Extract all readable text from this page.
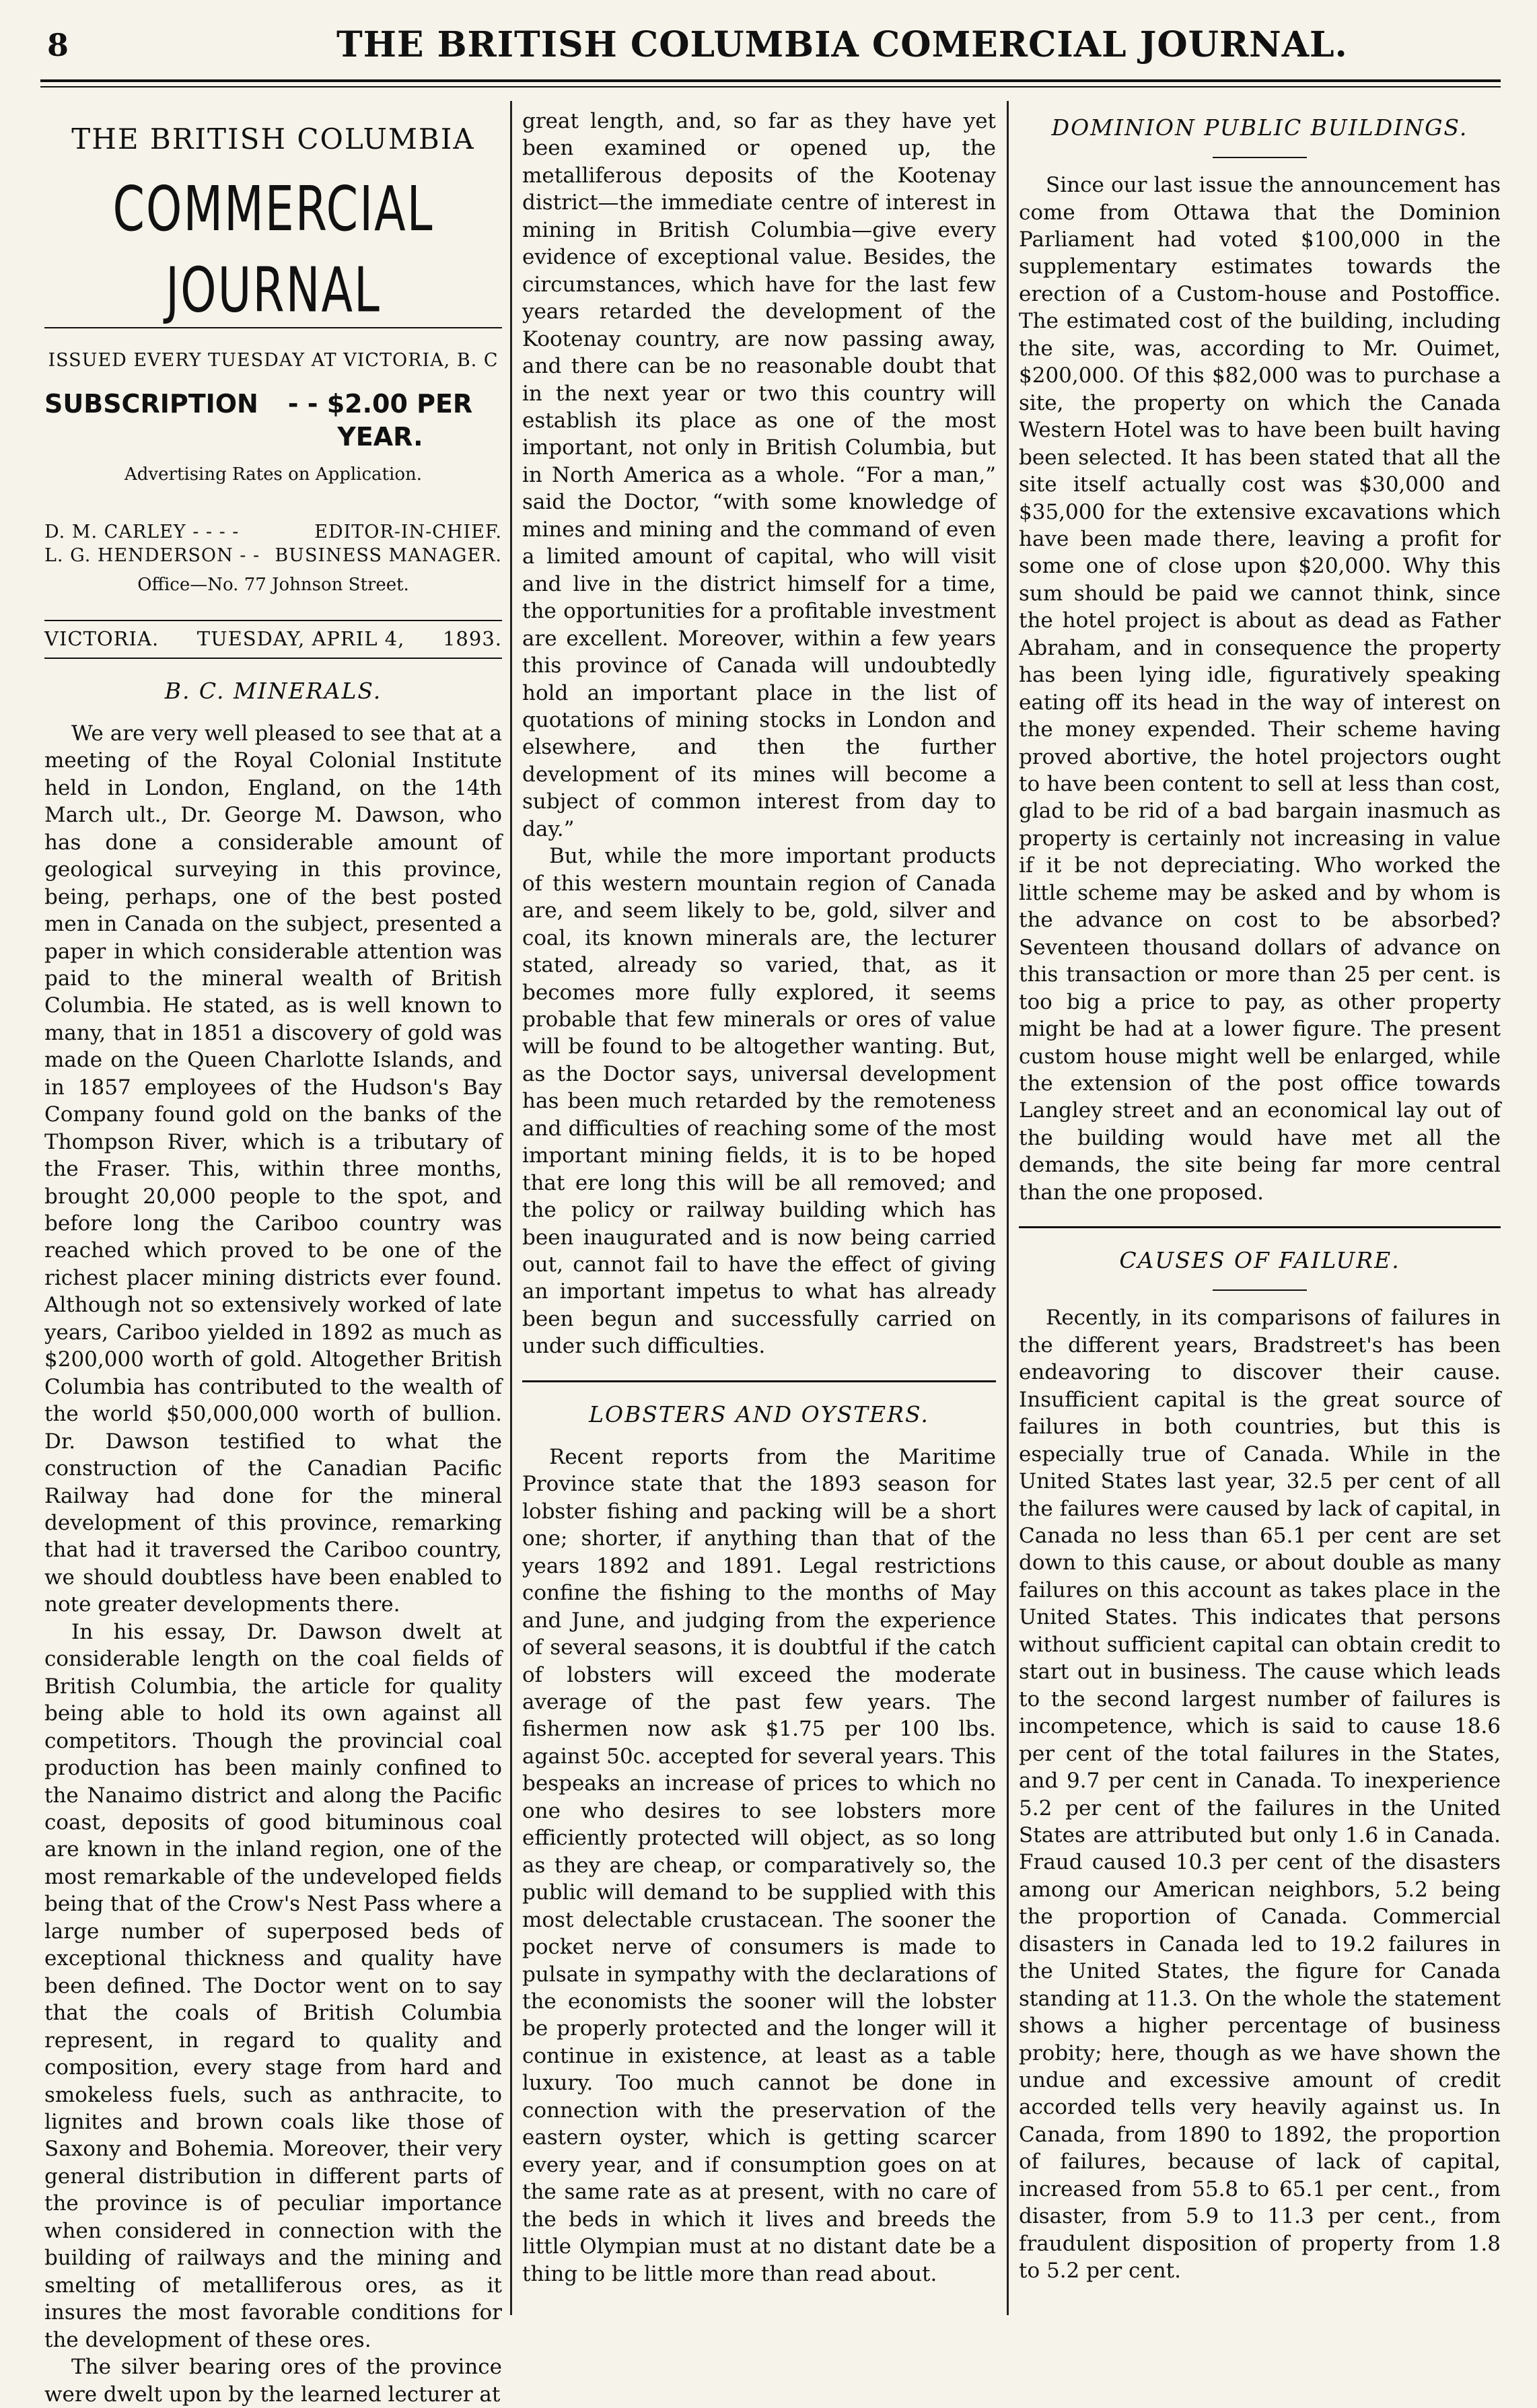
8	THE BRITISH COLUMBIA COMERCIAL JOURNAL.
THE BRITISH COLUMBIA
COMMERCIAL JOURNAL
ISSUED EVERY TUESDAY AT VICTORIA, B. C
SUBSCRIPTION	- - $2.00 PER YEAR.
Advertising Rates on Application.
D. M. CARLEY - - - -	EDITOR-IN-CHIEF.
L. G. HENDERSON - - BUSINESS MANAGER.
Office—No. 77 Johnson Street.
VICTORIA. TUESDAY, APRIL 4, 1893.
B. C. MINERALS.

We are very well pleased to see that at a meeting of the Royal Colonial Institute held in London, England, on the 14th March ult., Dr. George M. Dawson, who has done a considerable amount of geological surveying in this province, being, perhaps, one of the best posted men in Canada on the subject, presented a paper in which considerable attention was paid to the mineral wealth of British Columbia. He stated, as is well known to many, that in 1851 a discovery of gold was made on the Queen Charlotte Islands, and in 1857 employees of the Hudson's Bay Company found gold on the banks of the Thompson River, which is a tributary of the Fraser. This, within three months, brought 20,000 people to the spot, and before long the Cariboo country was reached which proved to be one of the richest placer mining districts ever found. Although not so extensively worked of late years, Cariboo yielded in 1892 as much as $200,000 worth of gold. Altogether British Columbia has contributed to the wealth of the world $50,000,000 worth of bullion. Dr. Dawson testified to what the construction of the Canadian Pacific Railway had done for the mineral development of this province, remarking that had it traversed the Cariboo country, we should doubtless have been enabled to note greater developments there.

In his essay, Dr. Dawson dwelt at considerable length on the coal fields of British Columbia, the article for quality being able to hold its own against all competitors. Though the provincial coal production has been mainly confined to the Nanaimo district and along the Pacific coast, deposits of good bituminous coal are known in the inland region, one of the most remarkable of the undeveloped fields being that of the Crow's Nest Pass where a large number of superposed beds of exceptional thickness and quality have been defined. The Doctor went on to say that the coals of British Columbia represent, in regard to quality and composition, every stage from hard and smokeless fuels, such as anthracite, to lignites and brown coals like those of Saxony and Bohemia. Moreover, their very general distribution in different parts of the province is of peculiar importance when considered in connection with the building of railways and the mining and smelting of metalliferous ores, as it insures the most favorable conditions for the development of these ores.

The silver bearing ores of the province were dwelt upon by the learned lecturer at

great length, and, so far as they have yet been examined or opened up, the metalliferous deposits of the Kootenay district—the immediate centre of interest in mining in British Columbia—give every evidence of exceptional value. Besides, the circumstances, which have for the last few years retarded the development of the Kootenay country, are now passing away, and there can be no reasonable doubt that in the next year or two this country will establish its place as one of the most important, not only in British Columbia, but in North America as a whole. “For a man,” said the Doctor, “with some knowledge of mines and mining and the command of even a limited amount of capital, who will visit and live in the district himself for a time, the opportunities for a profitable investment are excellent. Moreover, within a few years this province of Canada will undoubtedly hold an important place in the list of quotations of mining stocks in London and elsewhere, and then the further development of its mines will become a subject of common interest from day to day.”

But, while the more important products of this western mountain region of Canada are, and seem likely to be, gold, silver and coal, its known minerals are, the lecturer stated, already so varied, that, as it becomes more fully explored, it seems probable that few minerals or ores of value will be found to be altogether wanting. But, as the Doctor says, universal development has been much retarded by the remoteness and difficulties of reaching some of the most important mining fields, it is to be hoped that ere long this will be all removed; and the policy or railway building which has been inaugurated and is now being carried out, cannot fail to have the effect of giving an important impetus to what has already been begun and successfully carried on under such difficulties.

LOBSTERS AND OYSTERS.

Recent reports from the Maritime Province state that the 1893 season for lobster fishing and packing will be a short one; shorter, if anything than that of the years 1892 and 1891. Legal restrictions confine the fishing to the months of May and June, and judging from the experience of several seasons, it is doubtful if the catch of lobsters will exceed the moderate average of the past few years. The fishermen now ask $1.75 per 100 lbs. against 50c. accepted for several years. This bespeaks an increase of prices to which no one who desires to see lobsters more efficiently protected will object, as so long as they are cheap, or comparatively so, the public will demand to be supplied with this most delectable crustacean. The sooner the pocket nerve of consumers is made to pulsate in sympathy with the declarations of the economists the sooner will the lobster be properly protected and the longer will it continue in existence, at least as a table luxury. Too much cannot be done in connection with the preservation of the eastern oyster, which is getting scarcer every year, and if consumption goes on at the same rate as at present, with no care of the beds in which it lives and breeds the little Olympian must at no distant date be a thing to be little more than read about.

DOMINION PUBLIC BUILDINGS.

Since our last issue the announcement has come from Ottawa that the Dominion Parliament had voted $100,000 in the supplementary estimates towards the erection of a Custom-house and Postoffice. The estimated cost of the building, including the site, was, according to Mr. Ouimet, $200,000. Of this $82,000 was to purchase a site, the property on which the Canada Western Hotel was to have been built having been selected. It has been stated that all the site itself actually cost was $30,000 and $35,000 for the extensive excavations which have been made there, leaving a profit for some one of close upon $20,000. Why this sum should be paid we cannot think, since the hotel project is about as dead as Father Abraham, and in consequence the property has been lying idle, figuratively speaking eating off its head in the way of interest on the money expended. Their scheme having proved abortive, the hotel projectors ought to have been content to sell at less than cost, glad to be rid of a bad bargain inasmuch as property is certainly not increasing in value if it be not depreciating. Who worked the little scheme may be asked and by whom is the advance on cost to be absorbed? Seventeen thousand dollars of advance on this transaction or more than 25 per cent. is too big a price to pay, as other property might be had at a lower figure. The present custom house might well be enlarged, while the extension of the post office towards Langley street and an economical lay out of the building would have met all the demands, the site being far more central than the one proposed.

CAUSES OF FAILURE.

Recently, in its comparisons of failures in the different years, Bradstreet's has been endeavoring to discover their cause. Insufficient capital is the great source of failures in both countries, but this is especially true of Canada. While in the United States last year, 32.5 per cent of all the failures were caused by lack of capital, in Canada no less than 65.1 per cent are set down to this cause, or about double as many failures on this account as takes place in the United States. This indicates that persons without sufficient capital can obtain credit to start out in business. The cause which leads to the second largest number of failures is incompetence, which is said to cause 18.6 per cent of the total failures in the States, and 9.7 per cent in Canada. To inexperience 5.2 per cent of the failures in the United States are attributed but only 1.6 in Canada. Fraud caused 10.3 per cent of the disasters among our American neighbors, 5.2 being the proportion of Canada. Commercial disasters in Canada led to 19.2 failures in the United States, the figure for Canada standing at 11.3. On the whole the statement shows a higher percentage of business probity; here, though as we have shown the undue and excessive amount of credit accorded tells very heavily against us. In Canada, from 1890 to 1892, the proportion of failures, because of lack of capital, increased from 55.8 to 65.1 per cent., from disaster, from 5.9 to 11.3 per cent., from fraudulent disposition of property from 1.8 to 5.2 per cent.
